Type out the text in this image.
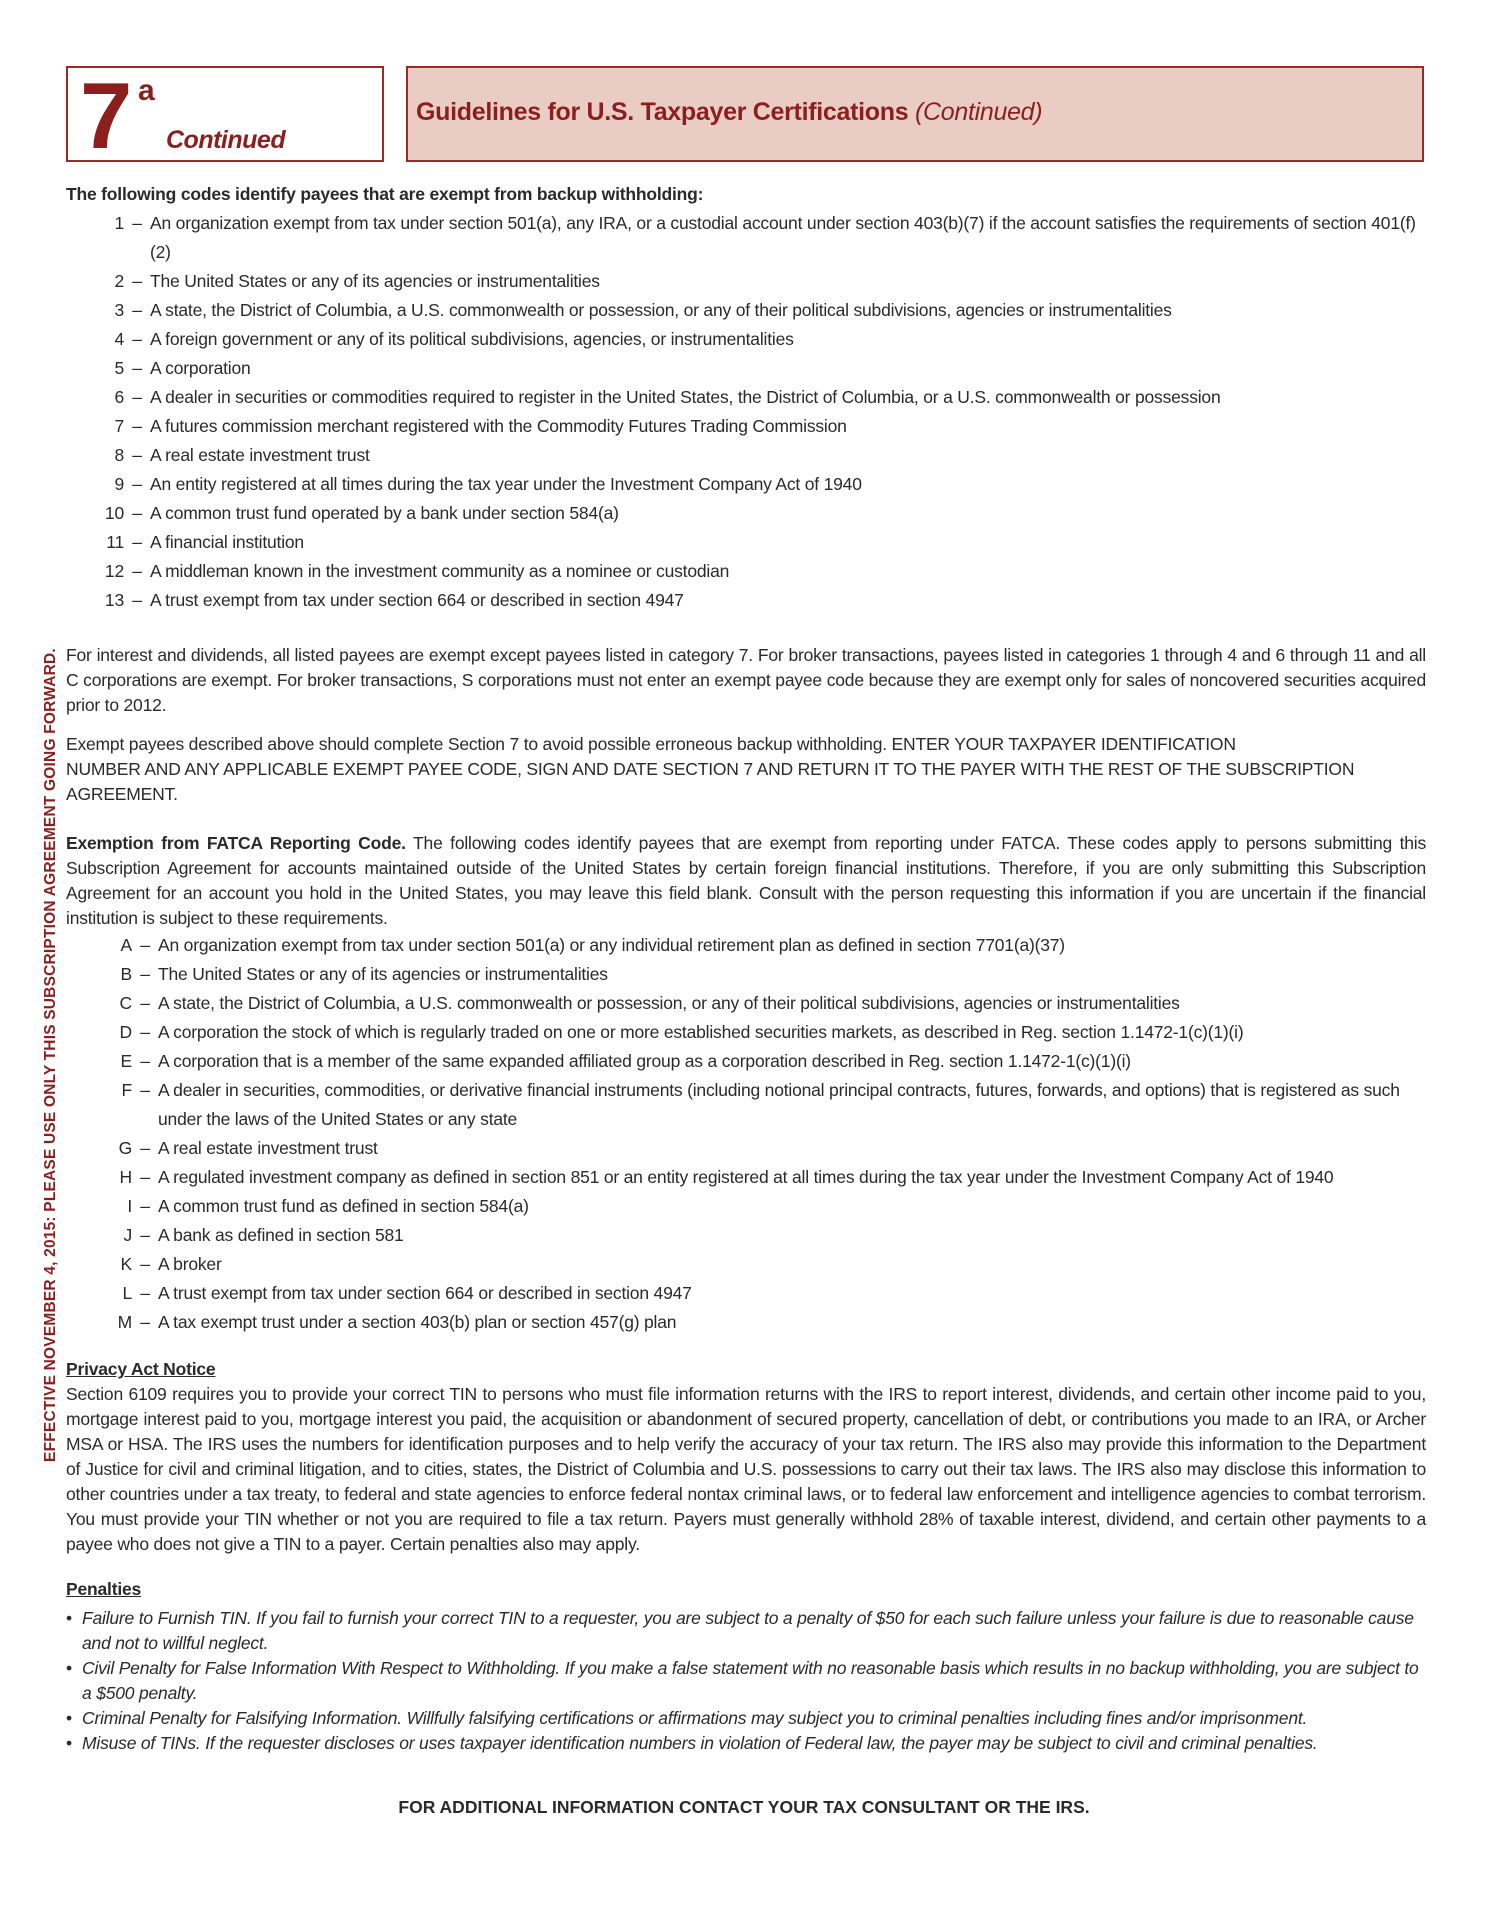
EFFECTIVE NOVEMBER 4, 2015: PLEASE USE ONLY THIS SUBSCRIPTION AGREEMENT GOING FORWARD.
7 a
Continued
Guidelines for U.S. Taxpayer Certifications (Continued)

The following codes identify payees that are exempt from backup withholding:

1 – An organization exempt from tax under section 501(a), any IRA, or a custodial account under section 403(b)(7) if the account satisfies the requirements of section 401(f)(2)
2 – The United States or any of its agencies or instrumentalities
3 – A state, the District of Columbia, a U.S. commonwealth or possession, or any of their political subdivisions, agencies or instrumentalities
4 – A foreign government or any of its political subdivisions, agencies, or instrumentalities
5 – A corporation
6 – A dealer in securities or commodities required to register in the United States, the District of Columbia, or a U.S. commonwealth or possession
7 – A futures commission merchant registered with the Commodity Futures Trading Commission
8 – A real estate investment trust
9 – An entity registered at all times during the tax year under the Investment Company Act of 1940
10 – A common trust fund operated by a bank under section 584(a)
11 – A financial institution
12 – A middleman known in the investment community as a nominee or custodian
13 – A trust exempt from tax under section 664 or described in section 4947

For interest and dividends, all listed payees are exempt except payees listed in category 7. For broker transactions, payees listed in categories 1 through 4 and 6 through 11 and all C corporations are exempt. For broker transactions, S corporations must not enter an exempt payee code because they are exempt only for sales of noncovered securities acquired prior to 2012.

Exempt payees described above should complete Section 7 to avoid possible erroneous backup withholding. ENTER YOUR TAXPAYER IDENTIFICATION
NUMBER AND ANY APPLICABLE EXEMPT PAYEE CODE, SIGN AND DATE SECTION 7 AND RETURN IT TO THE PAYER WITH THE REST OF THE SUBSCRIPTION AGREEMENT.

Exemption from FATCA Reporting Code. The following codes identify payees that are exempt from reporting under FATCA. These codes apply to persons submitting this Subscription Agreement for accounts maintained outside of the United States by certain foreign financial institutions. Therefore, if you are only submitting this Subscription Agreement for an account you hold in the United States, you may leave this field blank. Consult with the person requesting this information if you are uncertain if the financial institution is subject to these requirements.

A – An organization exempt from tax under section 501(a) or any individual retirement plan as defined in section 7701(a)(37)
B – The United States or any of its agencies or instrumentalities
C – A state, the District of Columbia, a U.S. commonwealth or possession, or any of their political subdivisions, agencies or instrumentalities
D – A corporation the stock of which is regularly traded on one or more established securities markets, as described in Reg. section 1.1472-1(c)(1)(i)
E – A corporation that is a member of the same expanded affiliated group as a corporation described in Reg. section 1.1472-1(c)(1)(i)
F – A dealer in securities, commodities, or derivative financial instruments (including notional principal contracts, futures, forwards, and options) that is registered as such under the laws of the United States or any state
G – A real estate investment trust
H – A regulated investment company as defined in section 851 or an entity registered at all times during the tax year under the Investment Company Act of 1940
I – A common trust fund as defined in section 584(a)
J – A bank as defined in section 581
K – A broker
L – A trust exempt from tax under section 664 or described in section 4947
M – A tax exempt trust under a section 403(b) plan or section 457(g) plan

Privacy Act Notice

Section 6109 requires you to provide your correct TIN to persons who must file information returns with the IRS to report interest, dividends, and certain other income paid to you, mortgage interest paid to you, mortgage interest you paid, the acquisition or abandonment of secured property, cancellation of debt, or contributions you made to an IRA, or Archer MSA or HSA. The IRS uses the numbers for identification purposes and to help verify the accuracy of your tax return. The IRS also may provide this information to the Department of Justice for civil and criminal litigation, and to cities, states, the District of Columbia and U.S. possessions to carry out their tax laws. The IRS also may disclose this information to other countries under a tax treaty, to federal and state agencies to enforce federal nontax criminal laws, or to federal law enforcement and intelligence agencies to combat terrorism. You must provide your TIN whether or not you are required to file a tax return. Payers must generally withhold 28% of taxable interest, dividend, and certain other payments to a payee who does not give a TIN to a payer. Certain penalties also may apply.

Penalties

• Failure to Furnish TIN. If you fail to furnish your correct TIN to a requester, you are subject to a penalty of $50 for each such failure unless your failure is due to reasonable cause and not to willful neglect.
• Civil Penalty for False Information With Respect to Withholding. If you make a false statement with no reasonable basis which results in no backup withholding, you are subject to a $500 penalty.
• Criminal Penalty for Falsifying Information. Willfully falsifying certifications or affirmations may subject you to criminal penalties including fines and/or imprisonment.
• Misuse of TINs. If the requester discloses or uses taxpayer identification numbers in violation of Federal law, the payer may be subject to civil and criminal penalties.
FOR ADDITIONAL INFORMATION CONTACT YOUR TAX CONSULTANT OR THE IRS.
